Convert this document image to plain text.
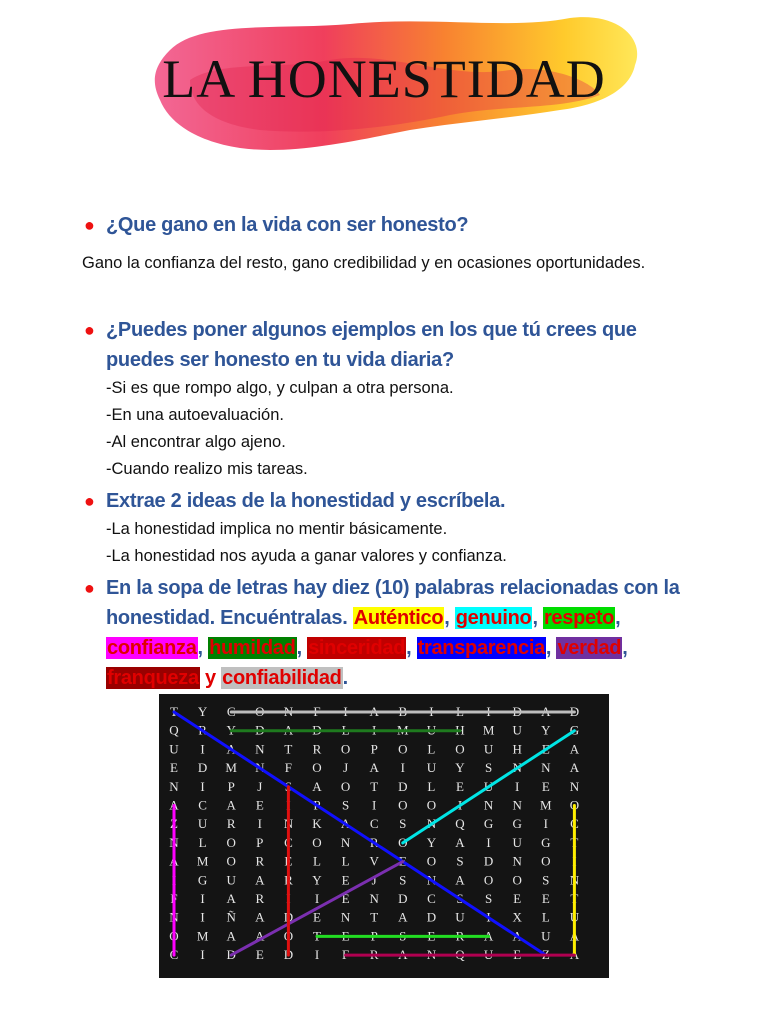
LA HONESTIDAD
● ¿Que gano en la vida con ser honesto?
Gano la confianza del resto, gano credibilidad y en ocasiones oportunidades.
● ¿Puedes poner algunos ejemplos en los que tú crees que
puedes ser honesto en tu vida diaria?
-Si es que rompo algo, y culpan a otra persona.
-En una autoevaluación.
-Al encontrar algo ajeno.
-Cuando realizo mis tareas.
● Extrae 2 ideas de la honestidad y escríbela.
-La honestidad implica no mentir básicamente.
-La honestidad nos ayuda a ganar valores y confianza.
● En la sopa de letras hay diez (10) palabras relacionadas con la
honestidad. Encuéntralas. Auténtico, genuino, respeto,
confianza, humildad, sinceridad, transparencia, verdad,
franqueza y confiabilidad.
T Y C O N F I A B I L I D A D
Q R Y D A D L I M U H M U Y G
U I A N T R O P O L O U H E A
E D M N F O J A I U Y S N N A
N I P J S A O T D L E U I E N
A C A E I P S I O O I N N M O
Z U R I N K A C S N Q G G I C
N L O P C O N R O Y A I U G T
A M O R E L L V E O S D N O I
I G U A R Y E J S N A O O S N
F I A R I I E N D C S S E E T
N I Ñ A D E N T A D U I X L U
O M A A O T E P S E R A A U A
C I D E D I F R A N Q U E Z A
